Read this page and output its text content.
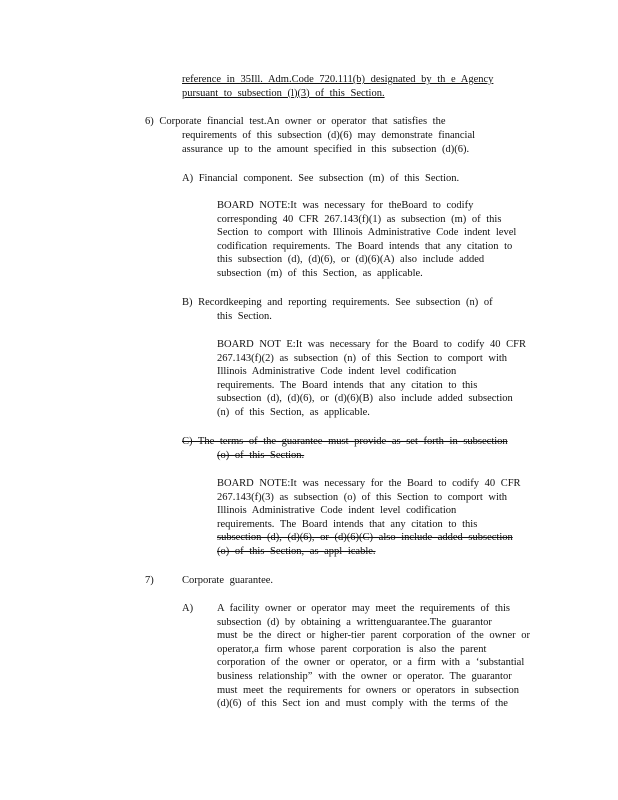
reference in 35Ill. Adm.Code 720.111(b) designated by th e Agency
pursuant to subsection (l)(3) of this Section.
6) Corporate financial test.An owner or operator that satisfies the
requirements of this subsection (d)(6) may demonstrate financial
assurance up to the amount specified in this subsection (d)(6).
A) Financial component. See subsection (m) of this Section.
BOARD NOTE:It was necessary for theBoard to codify
corresponding 40 CFR 267.143(f)(1) as subsection (m) of this
Section to comport with Illinois Administrative Code indent level
codification requirements. The Board intends that any citation to
this subsection (d), (d)(6), or (d)(6)(A) also include added
subsection (m) of this Section, as applicable.
B) Recordkeeping and reporting requirements. See subsection (n) of
this Section.
BOARD NOT E:It was necessary for the Board to codify 40 CFR
267.143(f)(2) as subsection (n) of this Section to comport with
Illinois Administrative Code indent level codification
requirements. The Board intends that any citation to this
subsection (d), (d)(6), or (d)(6)(B) also include added subsection
(n) of this Section, as applicable.
C) The terms of the guarantee must provide as set forth in subsection
(o) of this Section.
BOARD NOTE:It was necessary for the Board to codify 40 CFR
267.143(f)(3) as subsection (o) of this Section to comport with
Illinois Administrative Code indent level codification
requirements. The Board intends that any citation to this
subsection (d), (d)(6), or (d)(6)(C) also include added subsection
(o) of this Section, as appl icable.
7)	Corporate guarantee.
A) A facility owner or operator may meet the requirements of this
subsection (d) by obtaining a writtenguarantee.The guarantor
must be the direct or higher-tier parent corporation of the owner or
operator,a firm whose parent corporation is also the parent
corporation of the owner or operator, or a firm with a ‘substantial
business relationship” with the owner or operator. The guarantor
must meet the requirements for owners or operators in subsection
(d)(6) of this Sect ion and must comply with the terms of the
